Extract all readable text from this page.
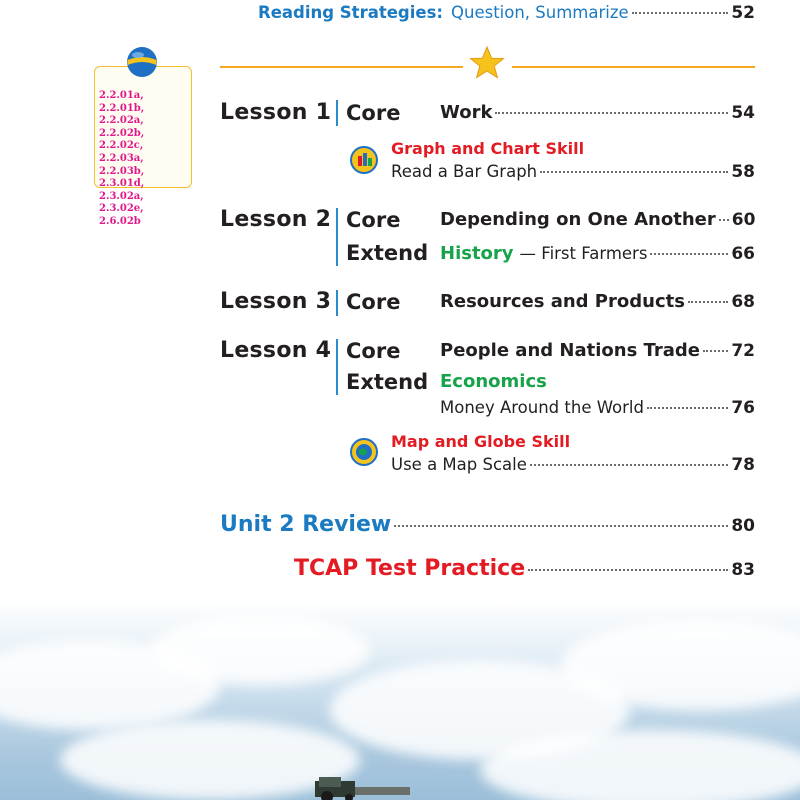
Reading Strategies: Question, Summarize	52
2.2.01a, 2.2.01b,
2.2.02a, 2.2.02b,
2.2.02c, 2.2.03a,
2.2.03b, 2.3.01d,
2.3.02a, 2.3.02e,
2.6.02b
Lesson 1 Core Work	54
Graph and Chart Skill
Read a Bar Graph	58
Lesson 2 Core Depending on One Another 60
Extend History — First Farmers	66
Lesson 3 Core Resources and Products	68
Lesson 4 Core People and Nations Trade 72
Extend Economics
Money Around the World	76
Map and Globe Skill
Use a Map Scale	78
Unit 2 Review	80
TCAP Test Practice	83
